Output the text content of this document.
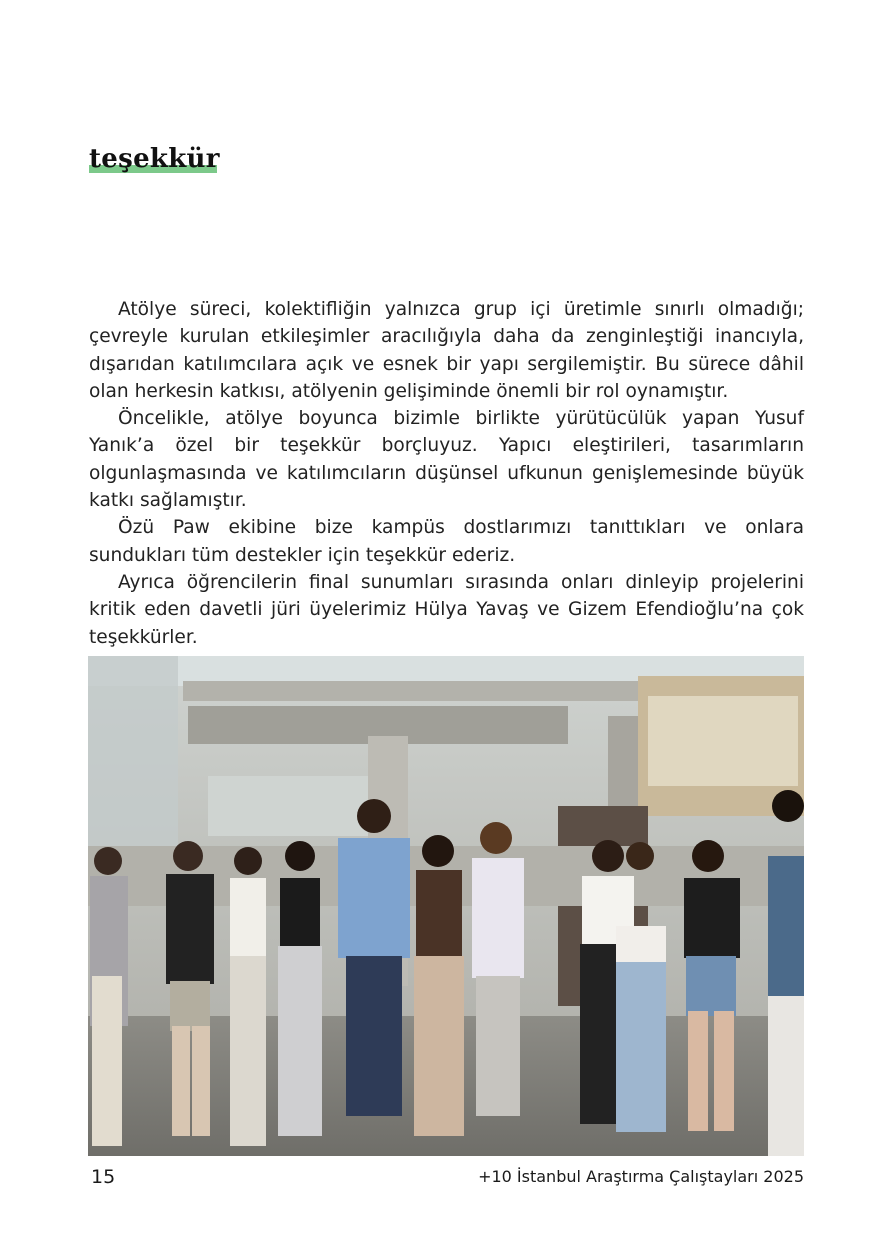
teşekkür

Atölye süreci, kolektifliğin yalnızca grup içi üretimle sınırlı olmadığı; çevreyle kurulan etkileşimler aracılığıyla daha da zenginleştiği inancıyla, dışarıdan katılımcılara açık ve esnek bir yapı sergilemiştir. Bu sürece dâhil olan herkesin katkısı, atölyenin gelişiminde önemli bir rol oynamıştır.

Öncelikle, atölye boyunca bizimle birlikte yürütücülük yapan Yusuf Yanık’a özel bir teşekkür borçluyuz. Yapıcı eleştirileri, tasarımların olgunlaşmasında ve katılımcıların düşünsel ufkunun genişlemesinde büyük katkı sağlamıştır.

Özü Paw ekibine bize kampüs dostlarımızı tanıttıkları ve onlara sundukları tüm destekler için teşekkür ederiz.

Ayrıca öğrencilerin final sunumları sırasında onları dinleyip projelerini kritik eden davetli jüri üyelerimiz Hülya Yavaş ve Gizem Efendioğlu’na çok teşekkürler.

15	+10 İstanbul Araştırma Çalıştayları 2025
